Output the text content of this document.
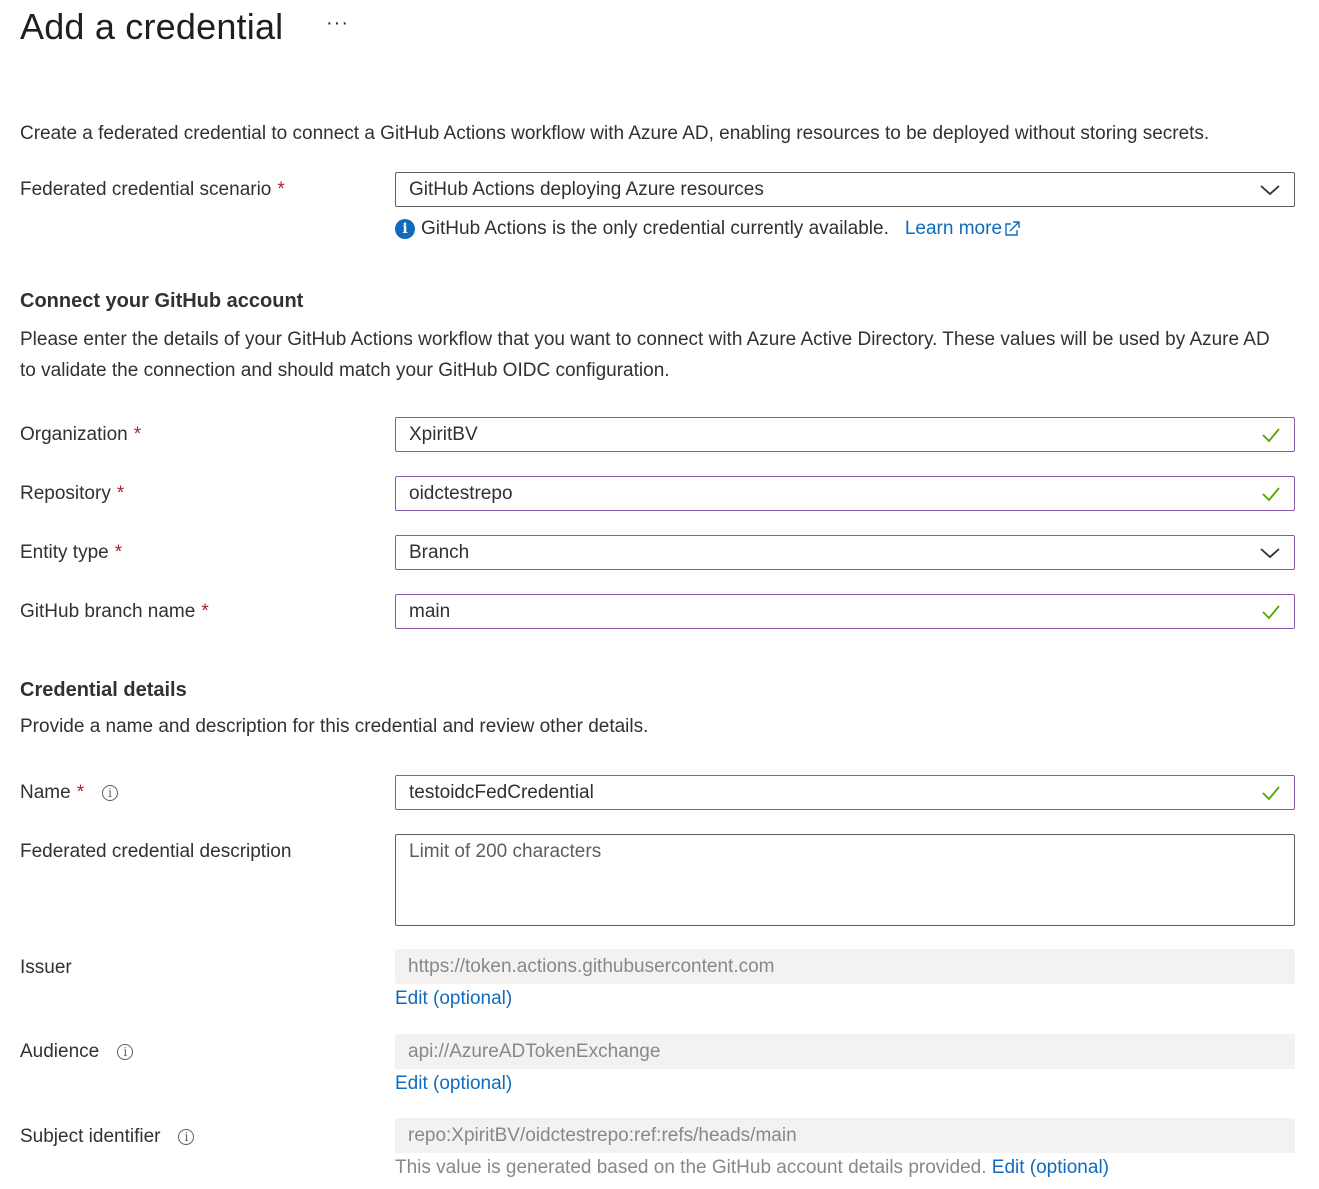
Add a credential ···
Create a federated credential to connect a GitHub Actions workflow with Azure AD, enabling resources to be deployed without storing secrets.
Federated credential scenario *	GitHub Actions deploying Azure resources
i GitHub Actions is the only credential currently available. Learn more
Connect your GitHub account
Please enter the details of your GitHub Actions workflow that you want to connect with Azure Active Directory. These values will be used by Azure AD to validate the connection and should match your GitHub OIDC configuration.
Organization *	XpiritBV
Repository *	oidctestrepo
Entity type *	Branch
GitHub branch name *	main
Credential details
Provide a name and description for this credential and review other details.
Name *	i	testoidcFedCredential
Federated credential description	Limit of 200 characters
Issuer	https://token.actions.githubusercontent.com
Edit (optional)
Audience	i	api://AzureADTokenExchange
Edit (optional)
Subject identifier	i	repo:XpiritBV/oidctestrepo:ref:refs/heads/main
This value is generated based on the GitHub account details provided. Edit (optional)
